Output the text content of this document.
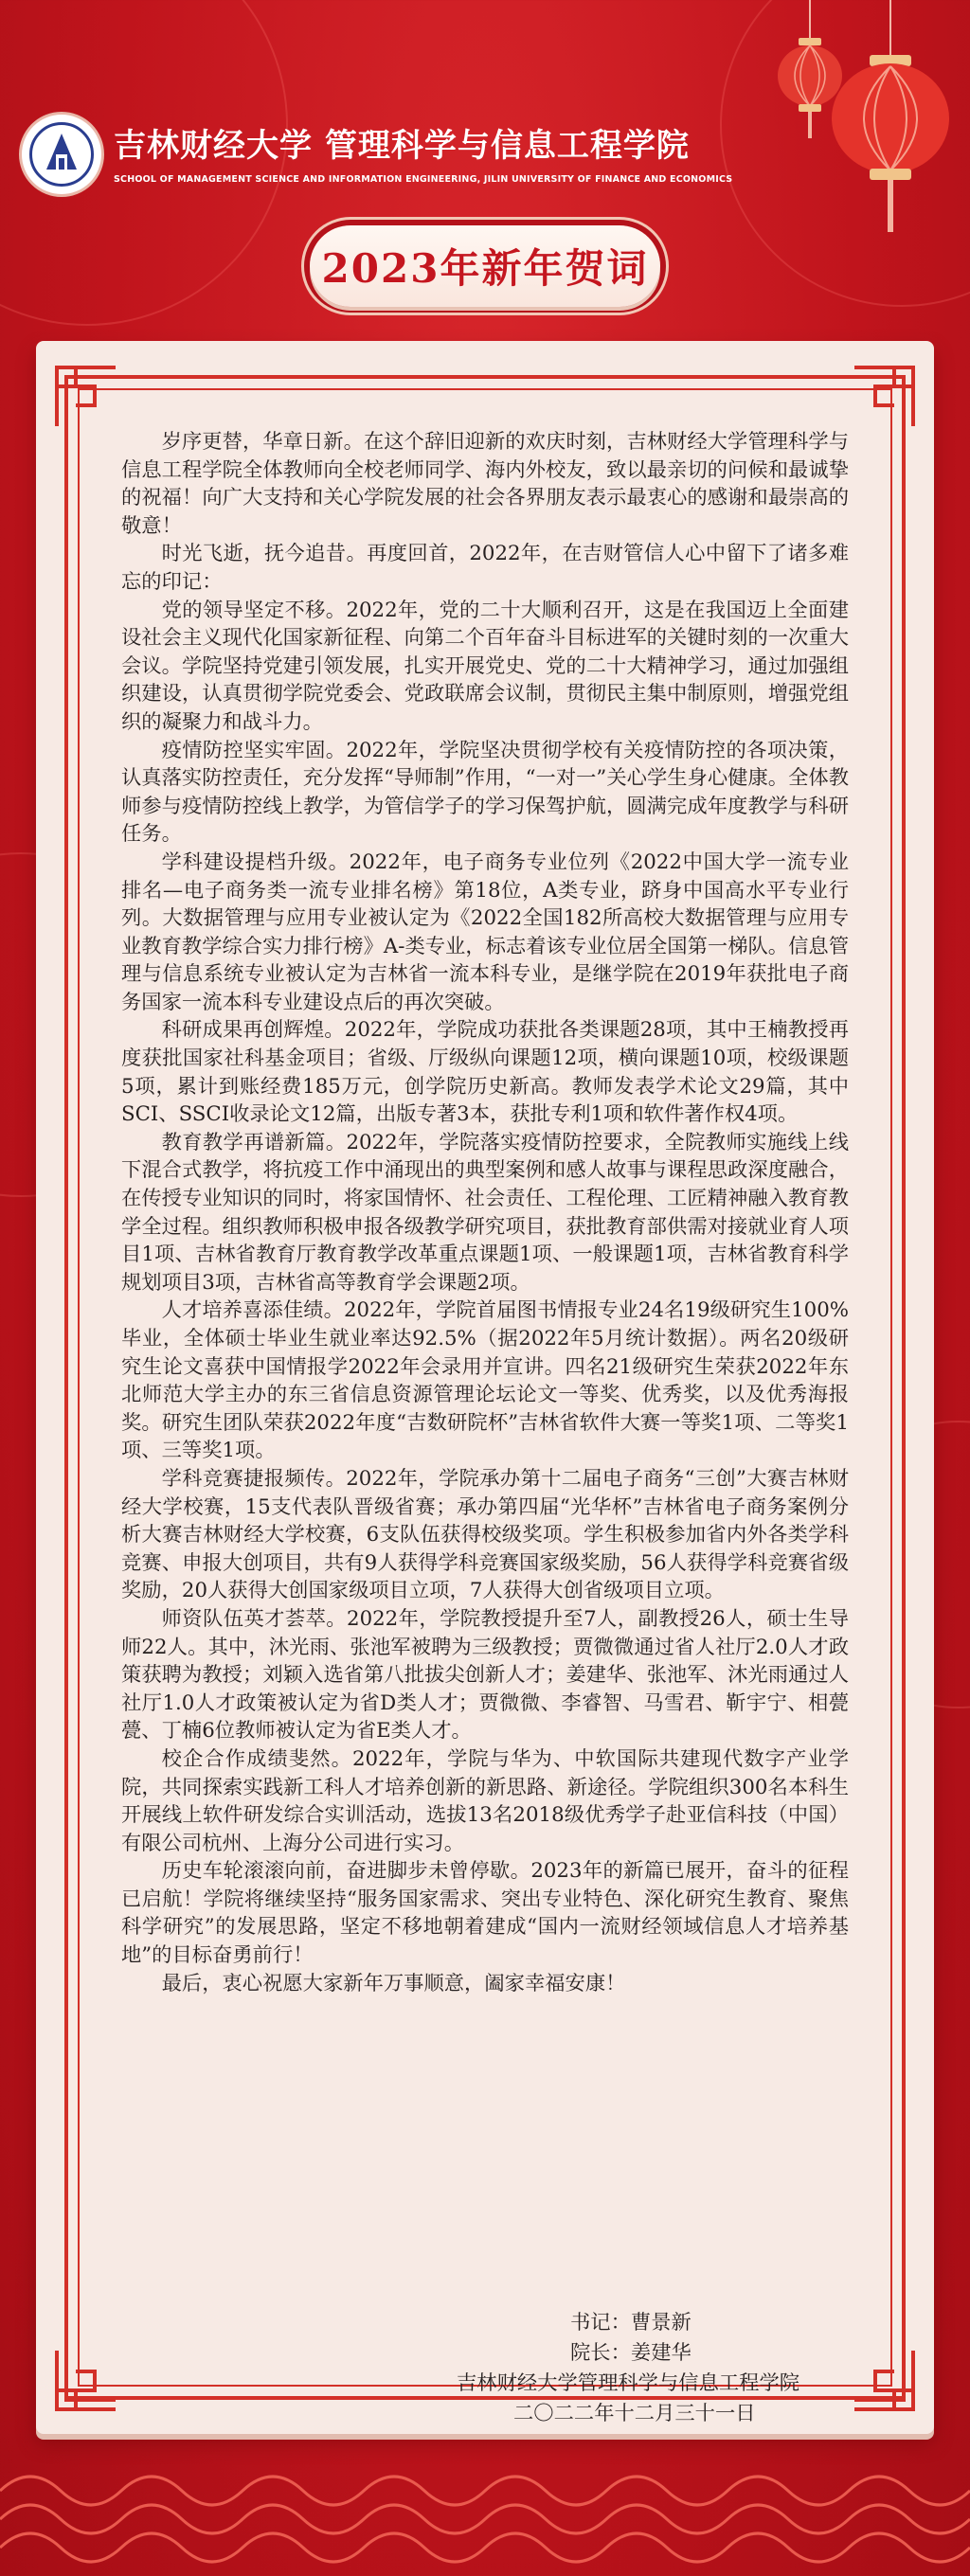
吉林财经大学 管理科学与信息工程学院
SCHOOL OF MANAGEMENT SCIENCE AND INFORMATION ENGINEERING, JILIN UNIVERSITY OF FINANCE AND ECONOMICS
2023年新年贺词

岁序更替，华章日新。在这个辞旧迎新的欢庆时刻，吉林财经大学管理科学与信息工程学院全体教师向全校老师同学、海内外校友，致以最亲切的问候和最诚挚的祝福！向广大支持和关心学院发展的社会各界朋友表示最衷心的感谢和最崇高的敬意！

时光飞逝，抚今追昔。再度回首，2022年，在吉财管信人心中留下了诸多难忘的印记：

党的领导坚定不移。2022年，党的二十大顺利召开，这是在我国迈上全面建设社会主义现代化国家新征程、向第二个百年奋斗目标进军的关键时刻的一次重大会议。学院坚持党建引领发展，扎实开展党史、党的二十大精神学习，通过加强组织建设，认真贯彻学院党委会、党政联席会议制，贯彻民主集中制原则，增强党组织的凝聚力和战斗力。

疫情防控坚实牢固。2022年，学院坚决贯彻学校有关疫情防控的各项决策，认真落实防控责任，充分发挥“导师制”作用，“一对一”关心学生身心健康。全体教师参与疫情防控线上教学，为管信学子的学习保驾护航，圆满完成年度教学与科研任务。

学科建设提档升级。2022年，电子商务专业位列《2022中国大学一流专业排名—电子商务类一流专业排名榜》第18位，A类专业，跻身中国高水平专业行列。大数据管理与应用专业被认定为《2022全国182所高校大数据管理与应用专业教育教学综合实力排行榜》A-类专业，标志着该专业位居全国第一梯队。信息管理与信息系统专业被认定为吉林省一流本科专业，是继学院在2019年获批电子商务国家一流本科专业建设点后的再次突破。

科研成果再创辉煌。2022年，学院成功获批各类课题28项，其中王楠教授再度获批国家社科基金项目；省级、厅级纵向课题12项，横向课题10项，校级课题5项，累计到账经费185万元，创学院历史新高。教师发表学术论文29篇，其中SCI、SSCI收录论文12篇，出版专著3本，获批专利1项和软件著作权4项。

教育教学再谱新篇。2022年，学院落实疫情防控要求，全院教师实施线上线下混合式教学，将抗疫工作中涌现出的典型案例和感人故事与课程思政深度融合，在传授专业知识的同时，将家国情怀、社会责任、工程伦理、工匠精神融入教育教学全过程。组织教师积极申报各级教学研究项目，获批教育部供需对接就业育人项目1项、吉林省教育厅教育教学改革重点课题1项、一般课题1项，吉林省教育科学规划项目3项，吉林省高等教育学会课题2项。

人才培养喜添佳绩。2022年，学院首届图书情报专业24名19级研究生100%毕业，全体硕士毕业生就业率达92.5%（据2022年5月统计数据）。两名20级研究生论文喜获中国情报学2022年会录用并宣讲。四名21级研究生荣获2022年东北师范大学主办的东三省信息资源管理论坛论文一等奖、优秀奖，以及优秀海报奖。研究生团队荣获2022年度“吉数研院杯”吉林省软件大赛一等奖1项、二等奖1项、三等奖1项。

学科竞赛捷报频传。2022年，学院承办第十二届电子商务“三创”大赛吉林财经大学校赛，15支代表队晋级省赛；承办第四届“光华杯”吉林省电子商务案例分析大赛吉林财经大学校赛，6支队伍获得校级奖项。学生积极参加省内外各类学科竞赛、申报大创项目，共有9人获得学科竞赛国家级奖励，56人获得学科竞赛省级奖励，20人获得大创国家级项目立项，7人获得大创省级项目立项。

师资队伍英才荟萃。2022年，学院教授提升至7人，副教授26人，硕士生导师22人。其中，沐光雨、张池军被聘为三级教授；贾微微通过省人社厅2.0人才政策获聘为教授；刘颖入选省第八批拔尖创新人才；姜建华、张池军、沐光雨通过人社厅1.0人才政策被认定为省D类人才；贾微微、李睿智、马雪君、靳宇宁、相甍甍、丁楠6位教师被认定为省E类人才。

校企合作成绩斐然。2022年，学院与华为、中软国际共建现代数字产业学院，共同探索实践新工科人才培养创新的新思路、新途径。学院组织300名本科生开展线上软件研发综合实训活动，选拔13名2018级优秀学子赴亚信科技（中国）有限公司杭州、上海分公司进行实习。

历史车轮滚滚向前，奋进脚步未曾停歇。2023年的新篇已展开，奋斗的征程已启航！学院将继续坚持“服务国家需求、突出专业特色、深化研究生教育、聚焦科学研究”的发展思路，坚定不移地朝着建成“国内一流财经领域信息人才培养基地”的目标奋勇前行！

最后，衷心祝愿大家新年万事顺意，阖家幸福安康！

书记：曹景新
院长：姜建华
吉林财经大学管理科学与信息工程学院
二〇二二年十二月三十一日
